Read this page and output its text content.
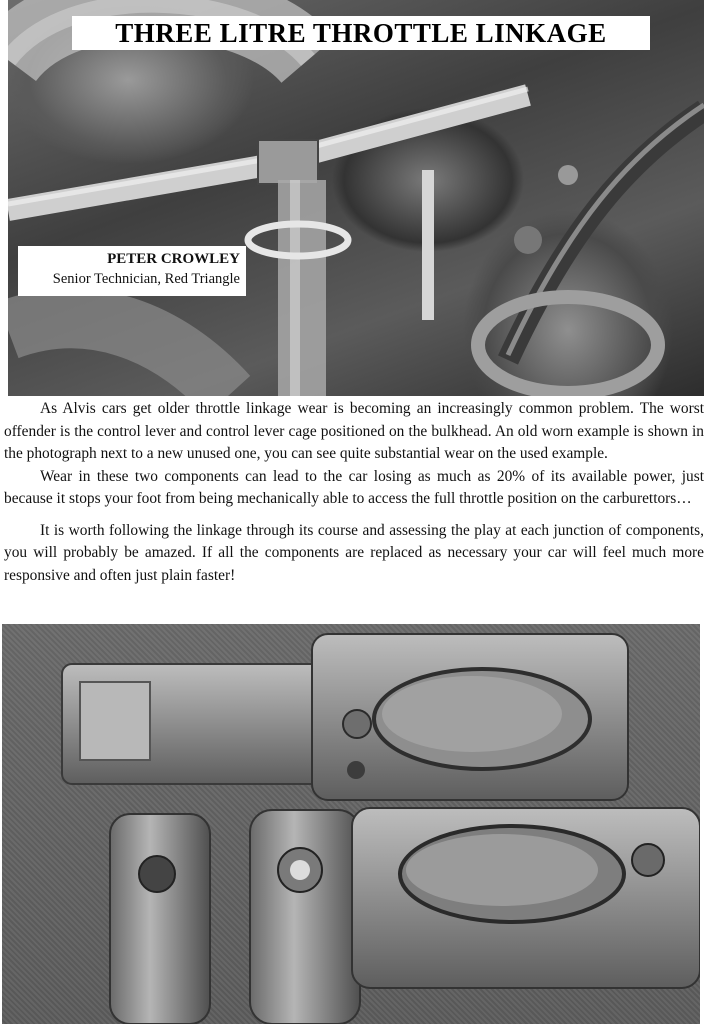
THREE LITRE THROTTLE LINKAGE
PETER CROWLEY
Senior Technician, Red Triangle

As Alvis cars get older throttle linkage wear is becoming an increasingly common problem. The worst offender is the control lever and control lever cage positioned on the bulkhead. An old worn example is shown in the photograph next to a new unused one, you can see quite substantial wear on the used example.

Wear in these two components can lead to the car losing as much as 20% of its available power, just because it stops your foot from being mechanically able to access the full throttle position on the carburettors…

It is worth following the linkage through its course and assessing the play at each junction of components, you will probably be amazed. If all the components are replaced as necessary your car will feel much more responsive and often just plain faster!
